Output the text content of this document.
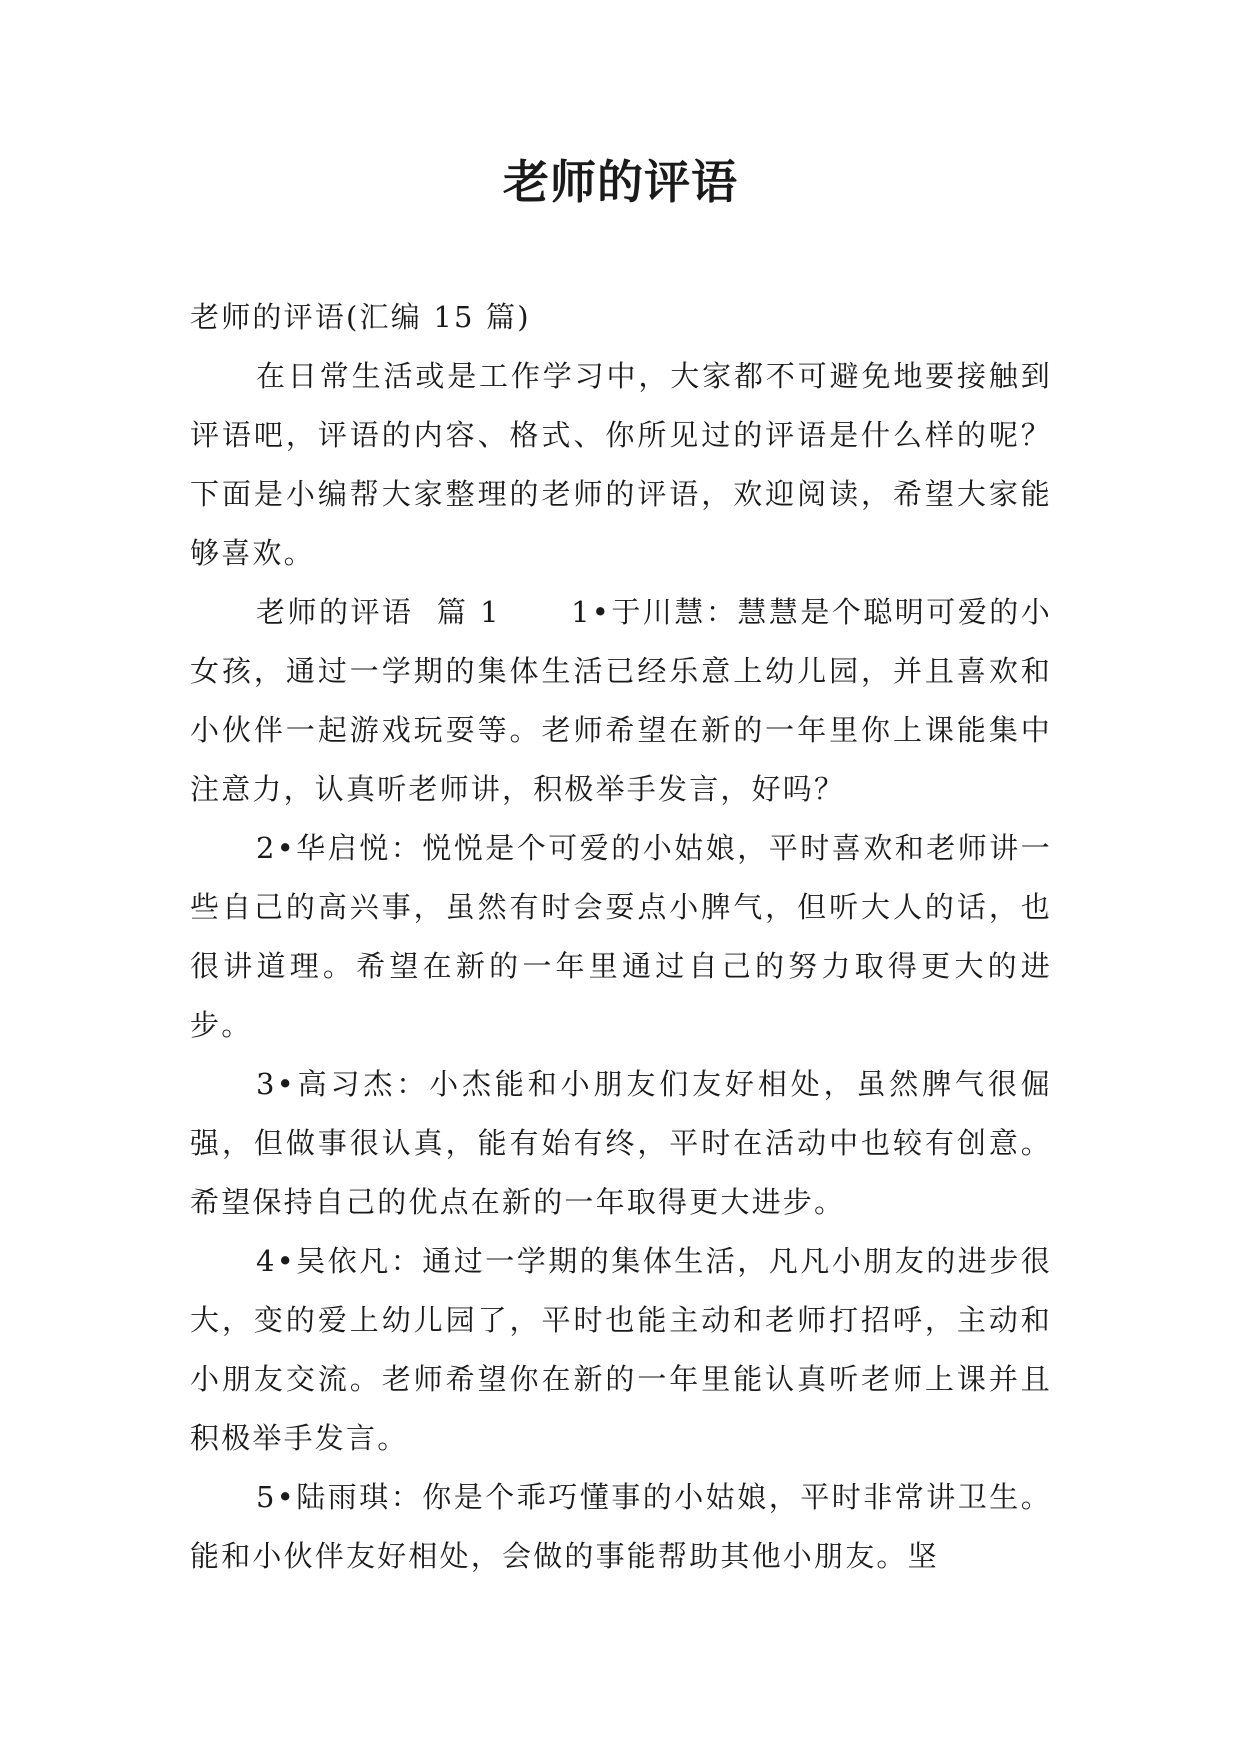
老师的评语

老师的评语(汇编 15 篇)

在日常生活或是工作学习中，大家都不可避免地要接触到评语吧，评语的内容、格式、你所见过的评语是什么样的呢？下面是小编帮大家整理的老师的评语，欢迎阅读，希望大家能够喜欢。

老师的评语  篇 1      1•于川慧：慧慧是个聪明可爱的小女孩，通过一学期的集体生活已经乐意上幼儿园，并且喜欢和小伙伴一起游戏玩耍等。老师希望在新的一年里你上课能集中注意力，认真听老师讲，积极举手发言，好吗？

2•华启悦：悦悦是个可爱的小姑娘，平时喜欢和老师讲一些自己的高兴事，虽然有时会耍点小脾气，但听大人的话，也很讲道理。希望在新的一年里通过自己的努力取得更大的进步。

3•高习杰：小杰能和小朋友们友好相处，虽然脾气很倔强，但做事很认真，能有始有终，平时在活动中也较有创意。希望保持自己的优点在新的一年取得更大进步。

4•吴依凡：通过一学期的集体生活，凡凡小朋友的进步很大，变的爱上幼儿园了，平时也能主动和老师打招呼，主动和小朋友交流。老师希望你在新的一年里能认真听老师上课并且积极举手发言。

5•陆雨琪：你是个乖巧懂事的小姑娘，平时非常讲卫生。能和小伙伴友好相处，会做的事能帮助其他小朋友。坚
